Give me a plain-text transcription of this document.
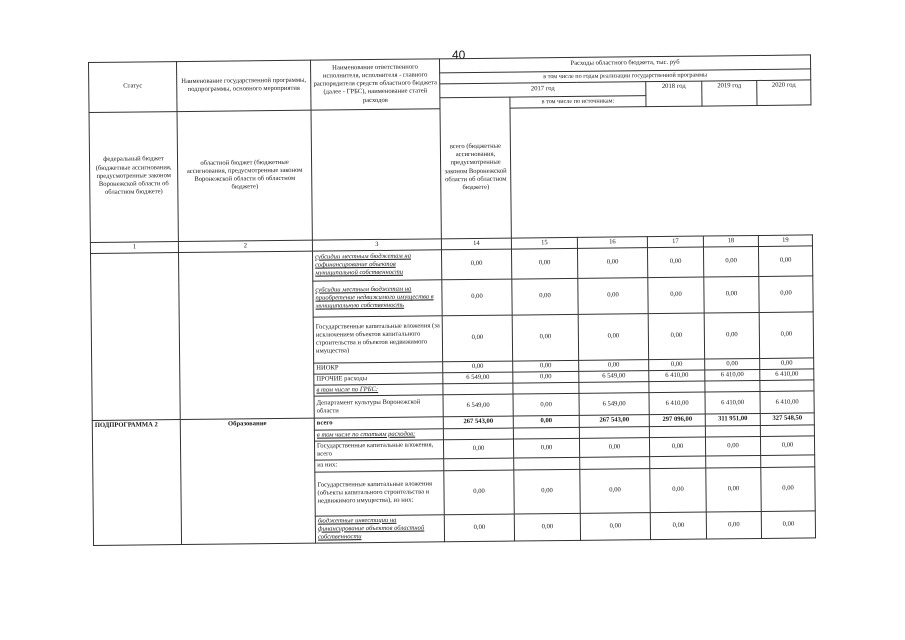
40
Статус	Наименование государственной программы, подпрограммы, основного мероприятия	Наименование ответственного исполнителя, исполнителя - главного распорядителя средств областного бюджета (далее - ГРБС), наименование статей расходов	Расходы областного бюджета, тыс. руб					
			в том числе по годам реализации государственной программы					
			2017 год			2018 год	2019 год	2020 год
			всего (бюджетные ассигнования, предусмотренные законом Воронежской области об областном бюджете)	в том числе по источникам:				
федеральный бюджет (бюджетные ассигнования, предусмотренные законом Воронежской области об областном бюджете)	областной бюджет (бюджетные ассигнования, предусмотренные законом Воронежской области об областном бюджете)							
1	2	3	14	15	16	17	18	19
		субсидии местным бюджетам на софинансирование объектов муниципальной собственности	0,00	0,00	0,00	0,00	0,00	0,00
		субсидии местным бюджетам на приобретение недвижимого имущества в муниципальную собственность	0,00	0,00	0,00	0,00	0,00	0,00
		Государственные капитальные вложения (за исключением объектов капитального строительства и объектов недвижимого имущества)	0,00	0,00	0,00	0,00	0,00	0,00
		НИОКР	0,00	0,00	0,00	0,00	0,00	0,00
		ПРОЧИЕ расходы	6 549,00	0,00	6 549,00	6 410,00	6 410,00	6 410,00
		в том числе по ГРБС:						
		Департамент культуры Воронежской области	6 549,00	0,00	6 549,00	6 410,00	6 410,00	6 410,00
ПОДПРОГРАММА 2	Образование	всего	267 543,00	0,00	267 543,00	297 096,00	311 951,00	327 548,50
		в том числе по статьям расходов:						
		Государственные капитальные вложения, всего	0,00	0,00	0,00	0,00	0,00	0,00
		из них:						
		Государственные капитальные вложения (объекты капитального строительства и недвижимого имущества), из них:	0,00	0,00	0,00	0,00	0,00	0,00
		бюджетные инвестиции на финансирование объектов областной собственности	0,00	0,00	0,00	0,00	0,00	0,00
